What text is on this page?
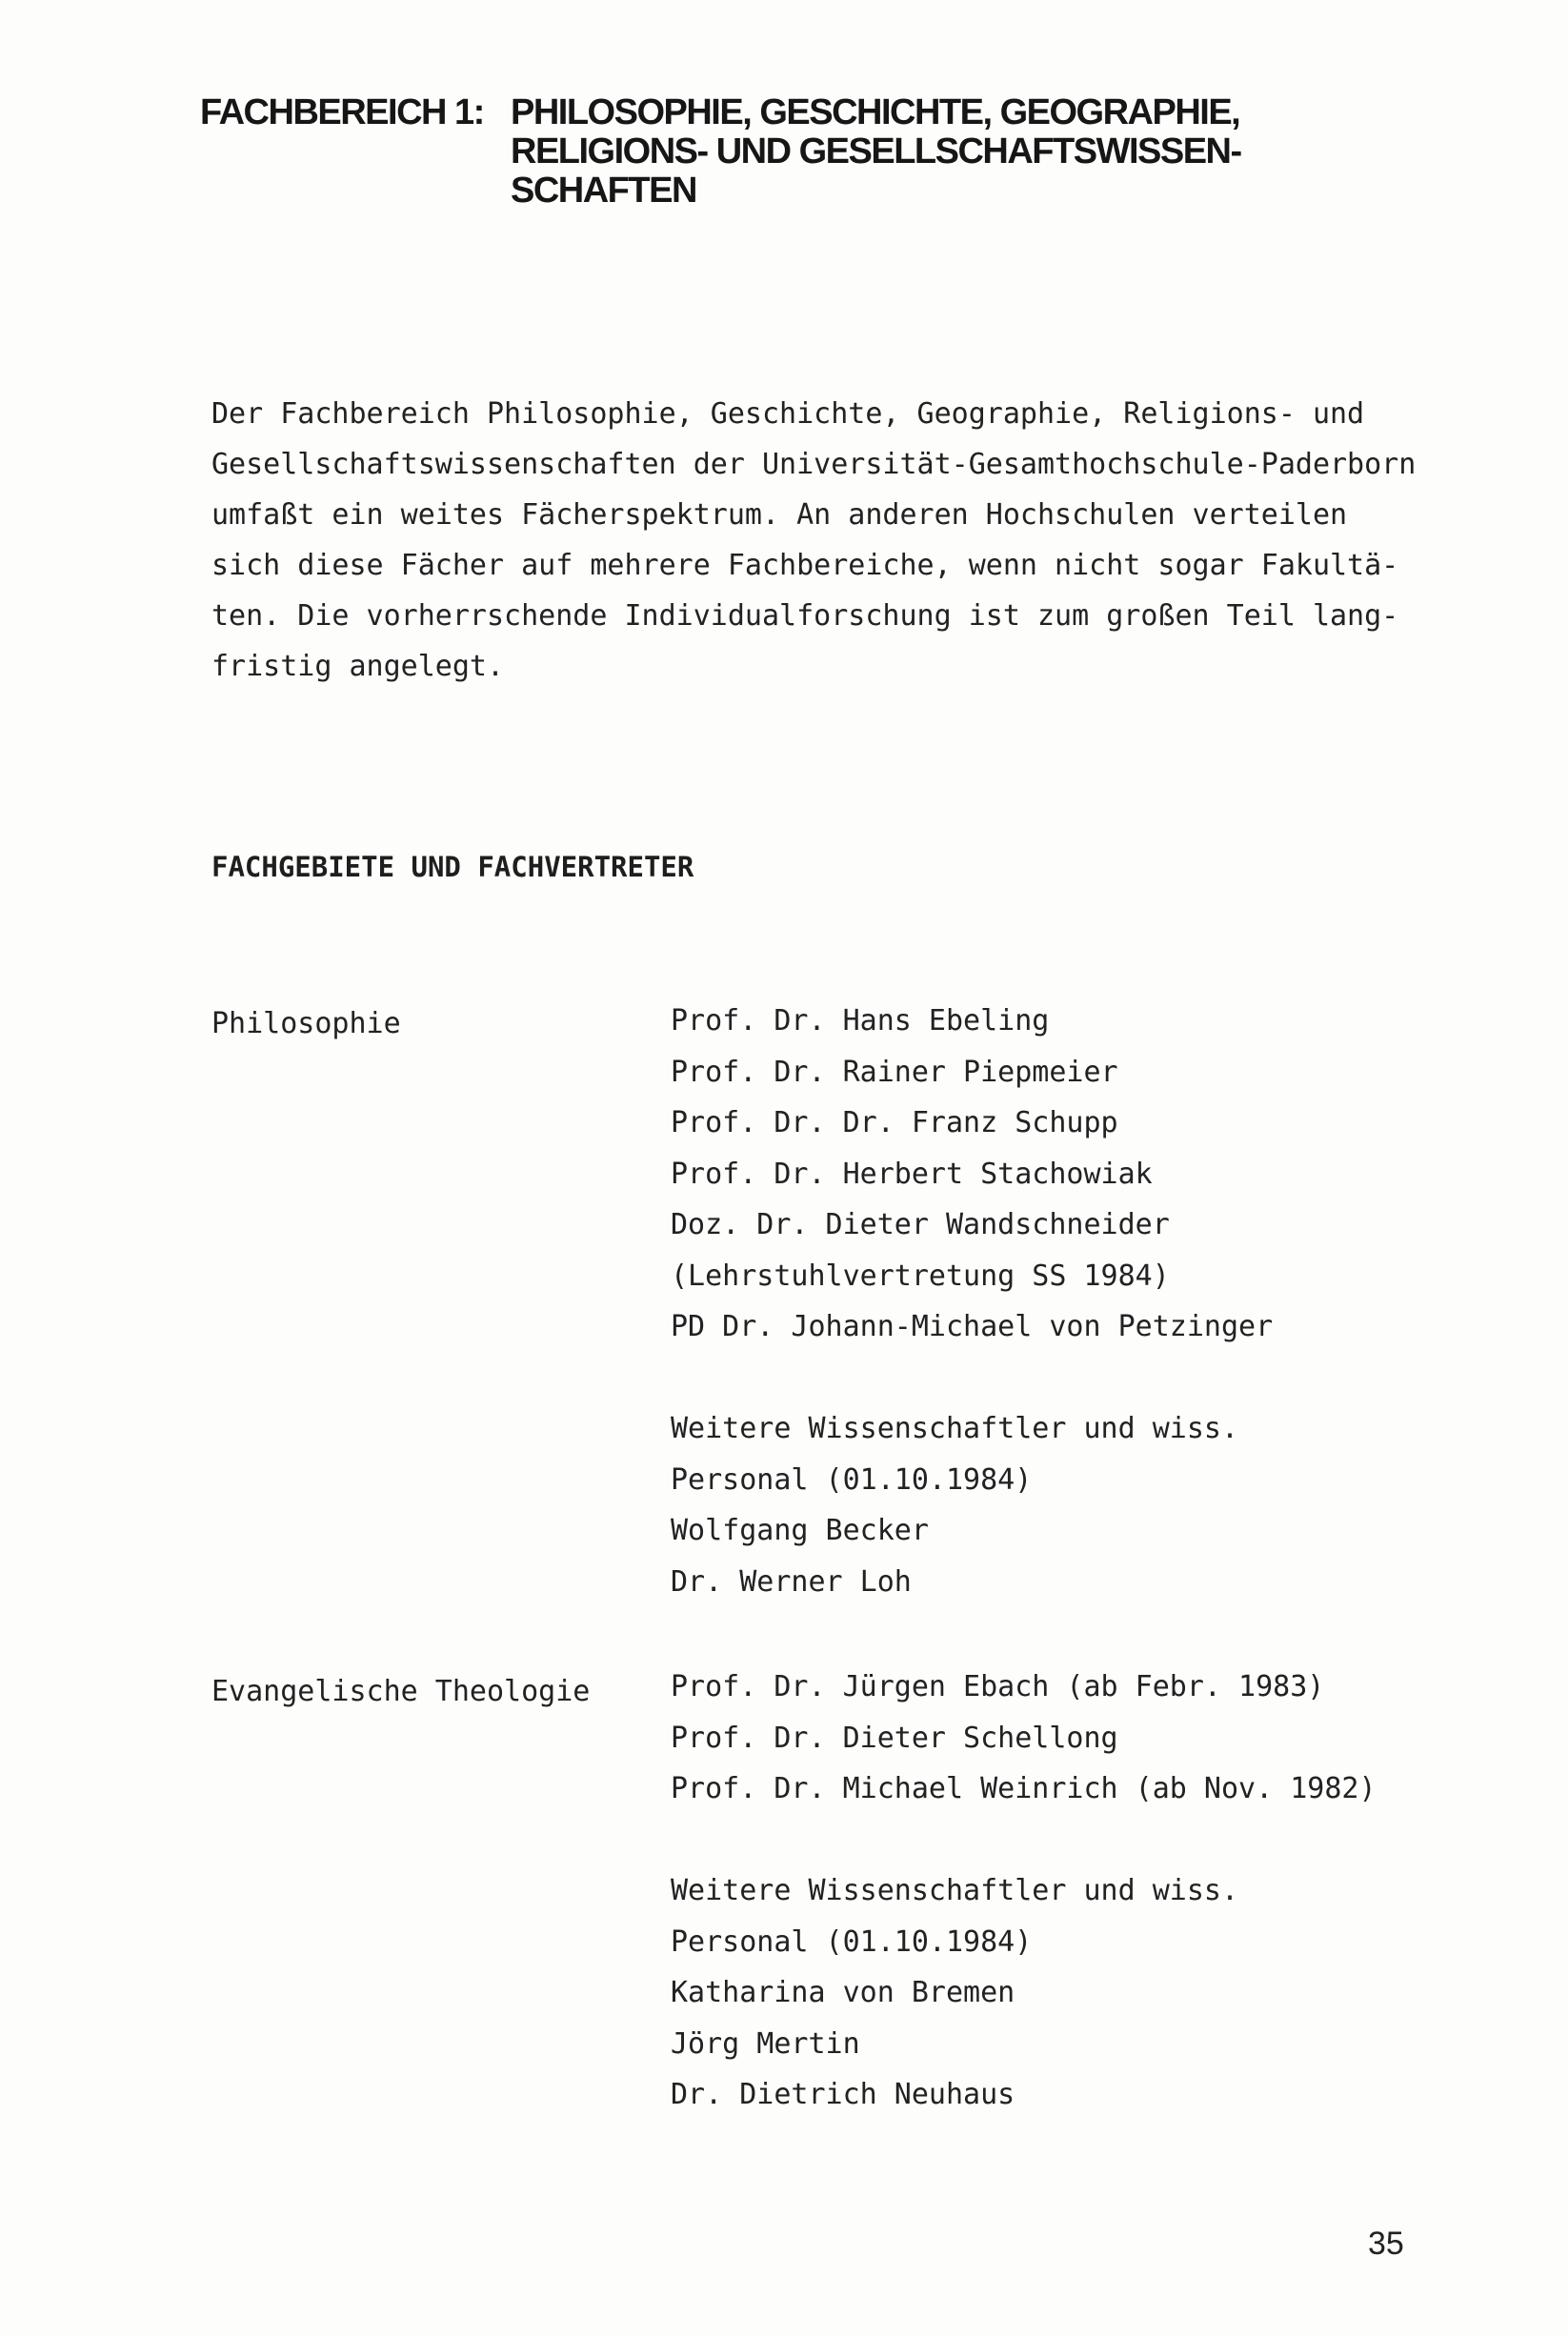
FACHBEREICH 1: PHILOSOPHIE, GESCHICHTE, GEOGRAPHIE,
RELIGIONS- UND GESELLSCHAFTSWISSEN-
SCHAFTEN
Der Fachbereich Philosophie, Geschichte, Geographie, Religions- und
Gesellschaftswissenschaften der Universität-Gesamthochschule-Paderborn
umfaßt ein weites Fächerspektrum. An anderen Hochschulen verteilen
sich diese Fächer auf mehrere Fachbereiche, wenn nicht sogar Fakultä-
ten. Die vorherrschende Individualforschung ist zum großen Teil lang-
fristig angelegt.
FACHGEBIETE UND FACHVERTRETER
Philosophie	Prof. Dr. Hans Ebeling
Prof. Dr. Rainer Piepmeier
Prof. Dr. Dr. Franz Schupp
Prof. Dr. Herbert Stachowiak
Doz. Dr. Dieter Wandschneider
(Lehrstuhlvertretung SS 1984)
PD Dr. Johann-Michael von Petzinger
Weitere Wissenschaftler und wiss.
Personal (01.10.1984)
Wolfgang Becker
Dr. Werner Loh
Evangelische Theologie	Prof. Dr. Jürgen Ebach (ab Febr. 1983)
Prof. Dr. Dieter Schellong
Prof. Dr. Michael Weinrich (ab Nov. 1982)
Weitere Wissenschaftler und wiss.
Personal (01.10.1984)
Katharina von Bremen
Jörg Mertin
Dr. Dietrich Neuhaus
35
